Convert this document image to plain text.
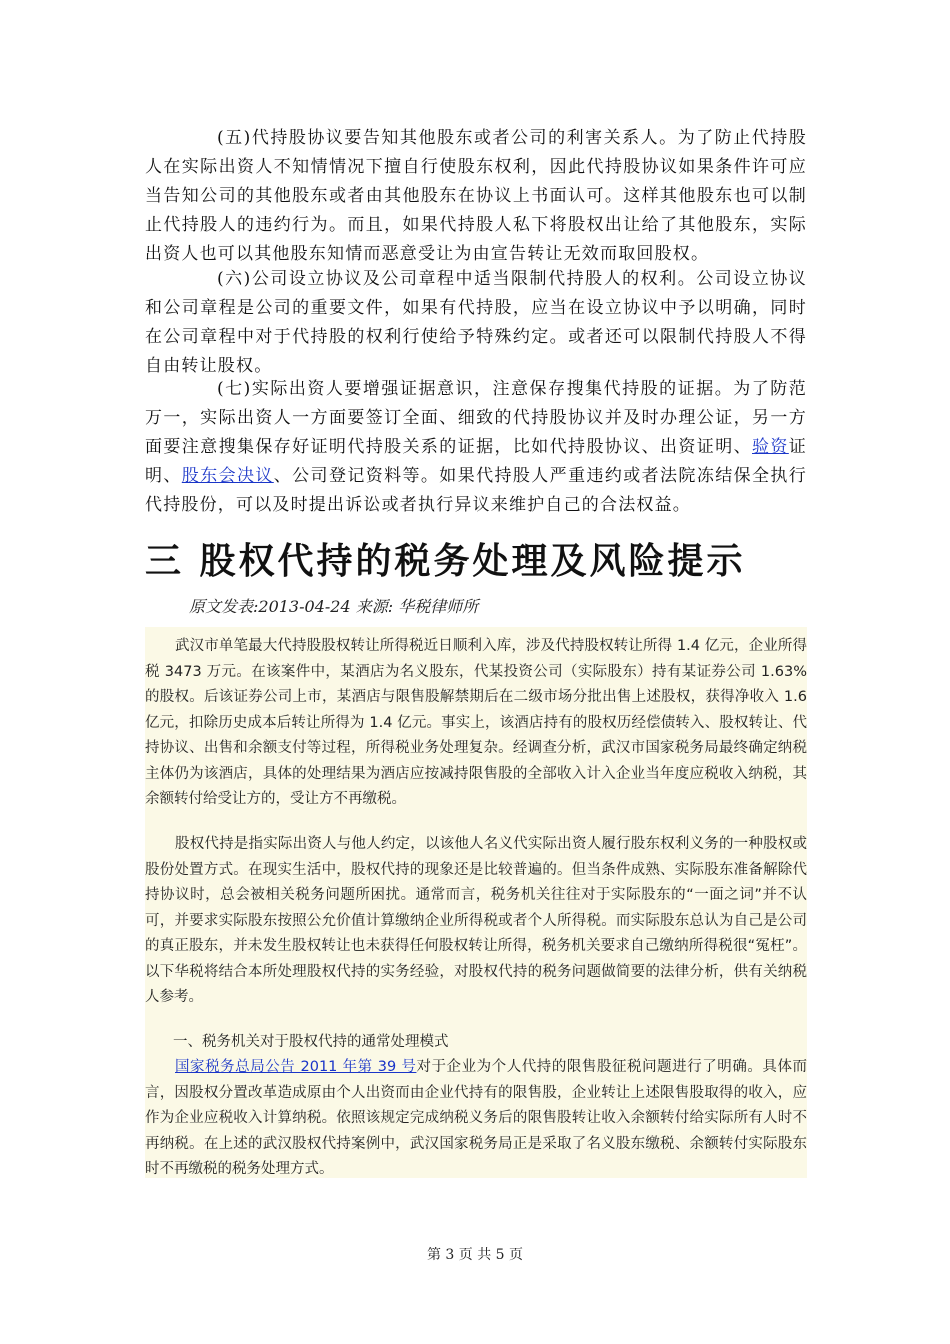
(五)代持股协议要告知其他股东或者公司的利害关系人。为了防止代持股人在实际出资人不知情情况下擅自行使股东权利，因此代持股协议如果条件许可应当告知公司的其他股东或者由其他股东在协议上书面认可。这样其他股东也可以制止代持股人的违约行为。而且，如果代持股人私下将股权出让给了其他股东，实际出资人也可以其他股东知情而恶意受让为由宣告转让无效而取回股权。

(六)公司设立协议及公司章程中适当限制代持股人的权利。公司设立协议和公司章程是公司的重要文件，如果有代持股，应当在设立协议中予以明确，同时在公司章程中对于代持股的权利行使给予特殊约定。或者还可以限制代持股人不得自由转让股权。

(七)实际出资人要增强证据意识，注意保存搜集代持股的证据。为了防范万一，实际出资人一方面要签订全面、细致的代持股协议并及时办理公证，另一方面要注意搜集保存好证明代持股关系的证据，比如代持股协议、出资证明、验资证明、股东会决议、公司登记资料等。如果代持股人严重违约或者法院冻结保全执行代持股份，可以及时提出诉讼或者执行异议来维护自己的合法权益。

三 股权代持的税务处理及风险提示

原文发表:2013-04-24 来源: 华税律师所

武汉市单笔最大代持股股权转让所得税近日顺利入库，涉及代持股权转让所得 1.4 亿元，企业所得税 3473 万元。在该案件中，某酒店为名义股东，代某投资公司（实际股东）持有某证券公司 1.63%的股权。后该证券公司上市，某酒店与限售股解禁期后在二级市场分批出售上述股权，获得净收入 1.6 亿元，扣除历史成本后转让所得为 1.4 亿元。事实上，该酒店持有的股权历经偿债转入、股权转让、代持协议、出售和余额支付等过程，所得税业务处理复杂。经调查分析，武汉市国家税务局最终确定纳税主体仍为该酒店，具体的处理结果为酒店应按减持限售股的全部收入计入企业当年度应税收入纳税，其余额转付给受让方的，受让方不再缴税。

股权代持是指实际出资人与他人约定，以该他人名义代实际出资人履行股东权利义务的一种股权或股份处置方式。在现实生活中，股权代持的现象还是比较普遍的。但当条件成熟、实际股东准备解除代持协议时，总会被相关税务问题所困扰。通常而言，税务机关往往对于实际股东的“一面之词”并不认可，并要求实际股东按照公允价值计算缴纳企业所得税或者个人所得税。而实际股东总认为自己是公司的真正股东，并未发生股权转让也未获得任何股权转让所得，税务机关要求自己缴纳所得税很“冤枉”。以下华税将结合本所处理股权代持的实务经验，对股权代持的税务问题做简要的法律分析，供有关纳税人参考。

一、税务机关对于股权代持的通常处理模式

国家税务总局公告 2011 年第 39 号对于企业为个人代持的限售股征税问题进行了明确。具体而言，因股权分置改革造成原由个人出资而由企业代持有的限售股，企业转让上述限售股取得的收入，应作为企业应税收入计算纳税。依照该规定完成纳税义务后的限售股转让收入余额转付给实际所有人时不再纳税。在上述的武汉股权代持案例中，武汉国家税务局正是采取了名义股东缴税、余额转付实际股东时不再缴税的税务处理方式。

第 3 页 共 5 页
